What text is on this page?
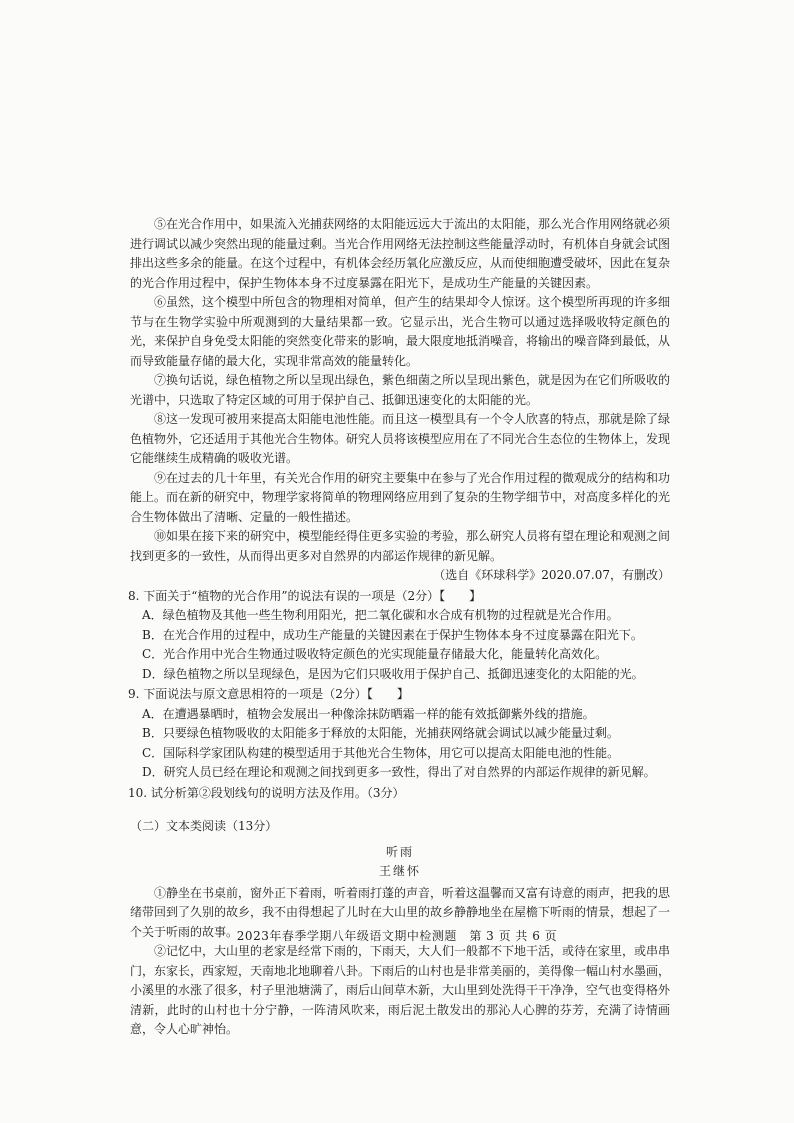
⑤在光合作用中，如果流入光捕获网络的太阳能远远大于流出的太阳能，那么光合作用网络就必须进行调试以减少突然出现的能量过剩。当光合作用网络无法控制这些能量浮动时，有机体自身就会试图排出这些多余的能量。在这个过程中，有机体会经历氧化应激反应，从而使细胞遭受破坏，因此在复杂的光合作用过程中，保护生物体本身不过度暴露在阳光下，是成功生产能量的关键因素。

⑥虽然，这个模型中所包含的物理相对简单，但产生的结果却令人惊讶。这个模型所再现的许多细节与在生物学实验中所观测到的大量结果都一致。它显示出，光合生物可以通过选择吸收特定颜色的光，来保护自身免受太阳能的突然变化带来的影响，最大限度地抵消噪音，将输出的噪音降到最低，从而导致能量存储的最大化，实现非常高效的能量转化。

⑦换句话说，绿色植物之所以呈现出绿色，紫色细菌之所以呈现出紫色，就是因为在它们所吸收的光谱中，只选取了特定区域的可用于保护自己、抵御迅速变化的太阳能的光。

⑧这一发现可被用来提高太阳能电池性能。而且这一模型具有一个令人欣喜的特点，那就是除了绿色植物外，它还适用于其他光合生物体。研究人员将该模型应用在了不同光合生态位的生物体上，发现它能继续生成精确的吸收光谱。

⑨在过去的几十年里，有关光合作用的研究主要集中在参与了光合作用过程的微观成分的结构和功能上。而在新的研究中，物理学家将简单的物理网络应用到了复杂的生物学细节中，对高度多样化的光合生物体做出了清晰、定量的一般性描述。

⑩如果在接下来的研究中，模型能经得住更多实验的考验，那么研究人员将有望在理论和观测之间找到更多的一致性，从而得出更多对自然界的内部运作规律的新见解。

（选自《环球科学》2020.07.07，有删改）

8. 下面关于“植物的光合作用”的说法有误的一项是（2分）【　　】

A．绿色植物及其他一些生物利用阳光，把二氧化碳和水合成有机物的过程就是光合作用。

B．在光合作用的过程中，成功生产能量的关键因素在于保护生物体本身不过度暴露在阳光下。

C．光合作用中光合生物通过吸收特定颜色的光实现能量存储最大化，能量转化高效化。

D．绿色植物之所以呈现绿色，是因为它们只吸收用于保护自己、抵御迅速变化的太阳能的光。

9. 下面说法与原文意思相符的一项是（2分）【　　】

A．在遭遇暴晒时，植物会发展出一种像涂抹防晒霜一样的能有效抵御紫外线的措施。

B．只要绿色植物吸收的太阳能多于释放的太阳能，光捕获网络就会调试以减少能量过剩。

C．国际科学家团队构建的模型适用于其他光合生物体，用它可以提高太阳能电池的性能。

D．研究人员已经在理论和观测之间找到更多一致性，得出了对自然界的内部运作规律的新见解。

10. 试分析第②段划线句的说明方法及作用。（3分）

（二）文本类阅读（13分）

听雨

王继怀

①静坐在书桌前，窗外正下着雨，听着雨打蓬的声音，听着这温馨而又富有诗意的雨声，把我的思绪带回到了久别的故乡，我不由得想起了儿时在大山里的故乡静静地坐在屋檐下听雨的情景，想起了一个关于听雨的故事。

②记忆中，大山里的老家是经常下雨的，下雨天，大人们一般都不下地干活，或待在家里，或串串门，东家长，西家短，天南地北地聊着八卦。下雨后的山村也是非常美丽的，美得像一幅山村水墨画，小溪里的水涨了很多，村子里池塘满了，雨后山间草木新，大山里到处洗得干干净净，空气也变得格外清新，此时的山村也十分宁静，一阵清风吹来，雨后泥土散发出的那沁人心脾的芬芳，充满了诗情画意，令人心旷神怡。

2023年春季学期八年级语文期中检测题　第 3 页 共 6 页
